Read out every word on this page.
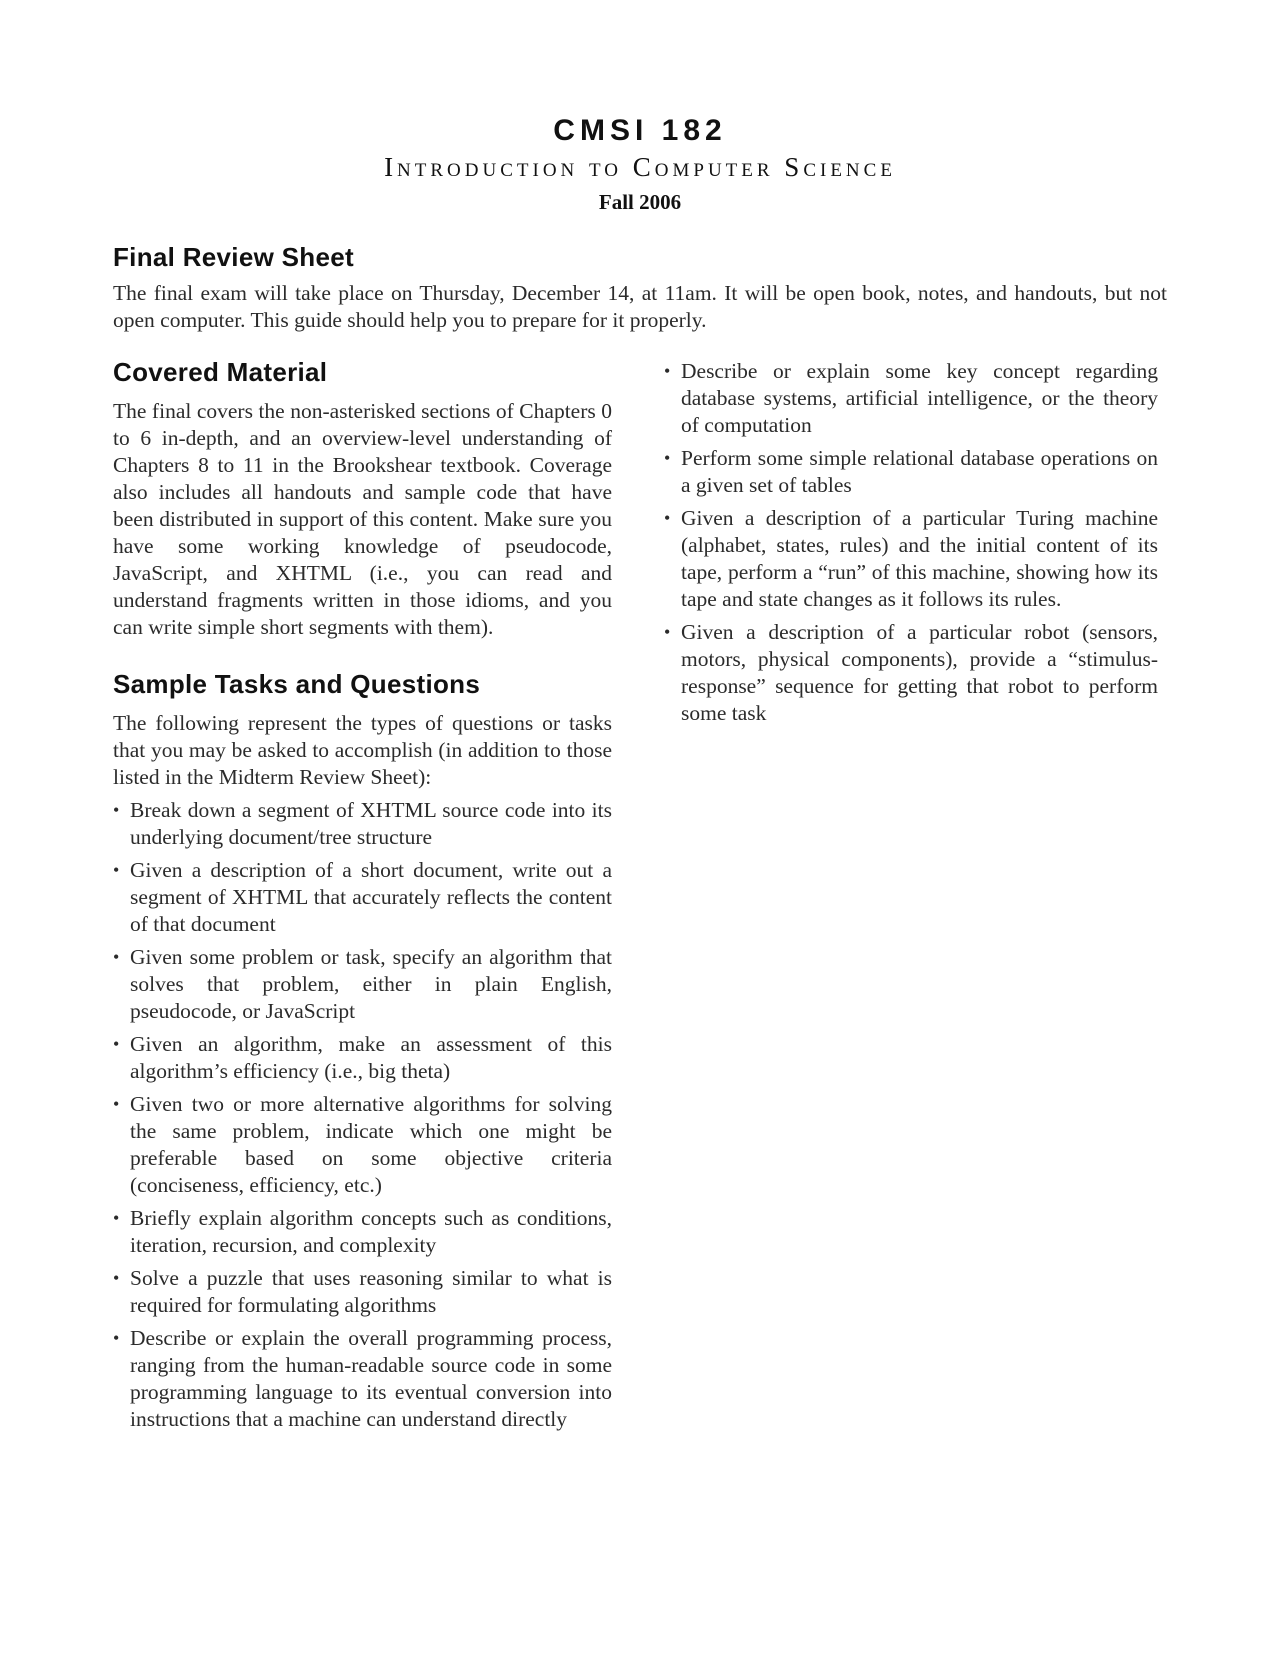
CMSI 182
Introduction to Computer Science
Fall 2006
Final Review Sheet

The final exam will take place on Thursday, December 14, at 11am. It will be open book, notes, and handouts, but not open computer. This guide should help you to prepare for it properly.

Covered Material

The final covers the non-asterisked sections of Chapters 0 to 6 in-depth, and an overview-level understanding of Chapters 8 to 11 in the Brookshear textbook. Coverage also includes all handouts and sample code that have been distributed in support of this content. Make sure you have some working knowledge of pseudocode, JavaScript, and XHTML (i.e., you can read and understand fragments written in those idioms, and you can write simple short segments with them).

Sample Tasks and Questions

The following represent the types of questions or tasks that you may be asked to accomplish (in addition to those listed in the Midterm Review Sheet):

• Break down a segment of XHTML source code into its underlying document/tree structure
• Given a description of a short document, write out a segment of XHTML that accurately reflects the content of that document
• Given some problem or task, specify an algorithm that solves that problem, either in plain English, pseudocode, or JavaScript
• Given an algorithm, make an assessment of this algorithm’s efficiency (i.e., big theta)
• Given two or more alternative algorithms for solving the same problem, indicate which one might be preferable based on some objective criteria (conciseness, efficiency, etc.)
• Briefly explain algorithm concepts such as conditions, iteration, recursion, and complexity
• Solve a puzzle that uses reasoning similar to what is required for formulating algorithms
• Describe or explain the overall programming process, ranging from the human-readable source code in some programming language to its eventual conversion into instructions that a machine can understand directly
• Describe or explain some key concept regarding database systems, artificial intelligence, or the theory of computation
• Perform some simple relational database operations on a given set of tables
• Given a description of a particular Turing machine (alphabet, states, rules) and the initial content of its tape, perform a “run” of this machine, showing how its tape and state changes as it follows its rules.
• Given a description of a particular robot (sensors, motors, physical components), provide a “stimulus-response” sequence for getting that robot to perform some task
